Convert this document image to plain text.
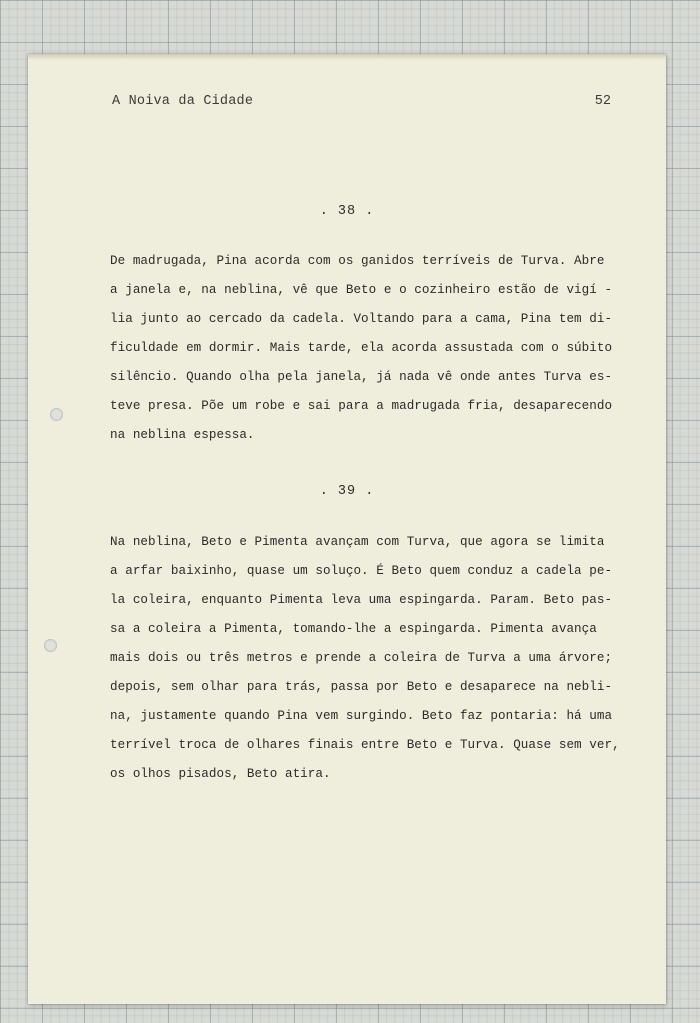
A Noiva da Cidade	52
. 38 .
De madrugada, Pina acorda com os ganidos terríveis de Turva. Abre
a janela e, na neblina, vê que Beto e o cozinheiro estão de vigí -
lia junto ao cercado da cadela. Voltando para a cama, Pina tem di-
ficuldade em dormir. Mais tarde, ela acorda assustada com o súbito
silêncio. Quando olha pela janela, já nada vê onde antes Turva es-
teve presa. Põe um robe e sai para a madrugada fria, desaparecendo
na neblina espessa.
. 39 .
Na neblina, Beto e Pimenta avançam com Turva, que agora se limita
a arfar baixinho, quase um soluço. É Beto quem conduz a cadela pe-
la coleira, enquanto Pimenta leva uma espingarda. Param. Beto pas-
sa a coleira a Pimenta, tomando-lhe a espingarda. Pimenta avança
mais dois ou três metros e prende a coleira de Turva a uma árvore;
depois, sem olhar para trás, passa por Beto e desaparece na nebli-
na, justamente quando Pina vem surgindo. Beto faz pontaria: há uma
terrível troca de olhares finais entre Beto e Turva. Quase sem ver,
os olhos pisados, Beto atira.
